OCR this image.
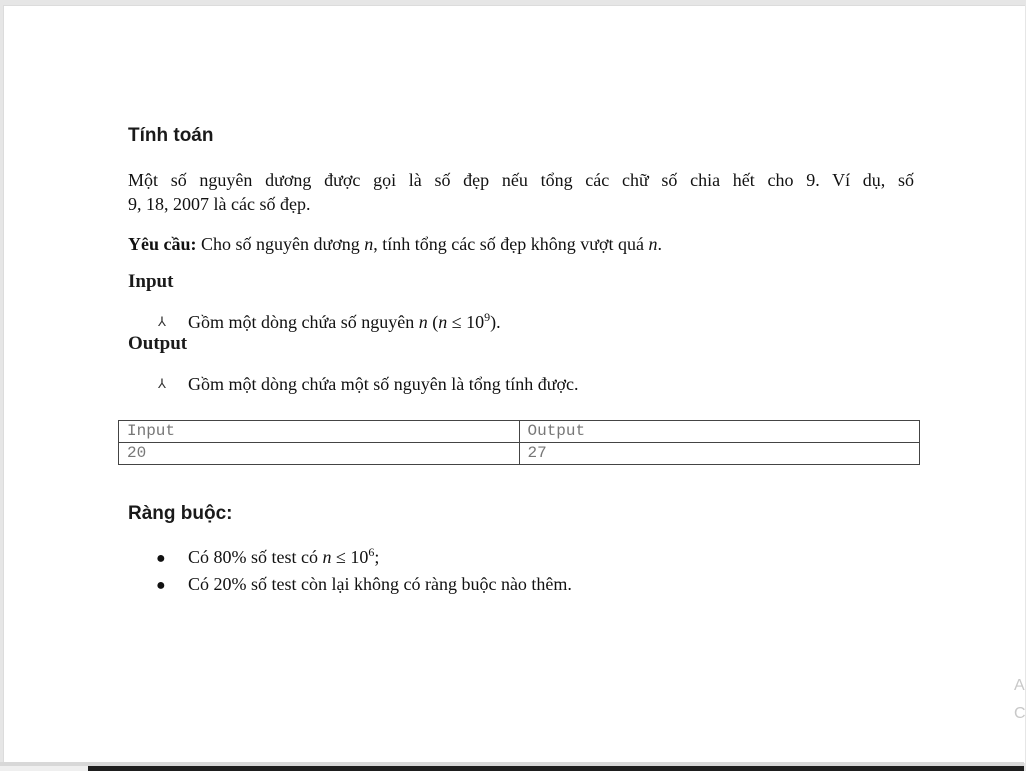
Tính toán

Một số nguyên dương được gọi là số đẹp nếu tổng các chữ số chia hết cho 9. Ví dụ, số

9, 18, 2007 là các số đẹp.

Yêu cầu: Cho số nguyên dương n, tính tổng các số đẹp không vượt quá n.

Input

⅄ Gồm một dòng chứa số nguyên n $(n \le 10^9)$.

Output

⅄ Gồm một dòng chứa một số nguyên là tổng tính được.

Ràng buộc:

● Có 80% số test có $n \le 10^6$;

● Có 20% số test còn lại không có ràng buộc nào thêm.

Input	Output
20	27
A
C
